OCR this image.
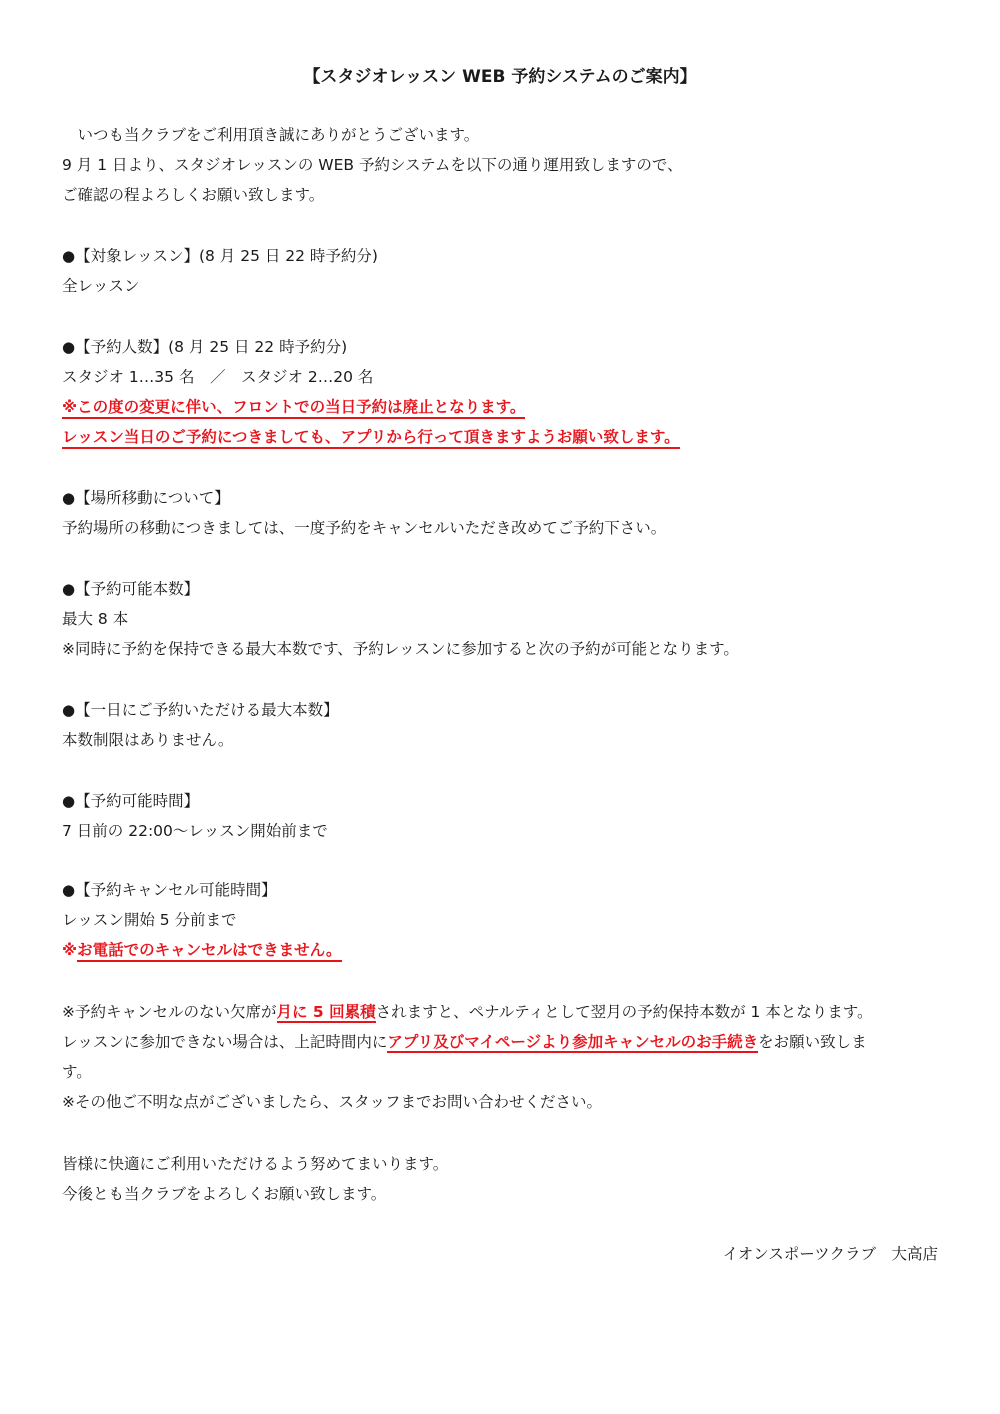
【スタジオレッスン WEB 予約システムのご案内】
　いつも当クラブをご利用頂き誠にありがとうございます。
9 月 1 日より、スタジオレッスンの WEB 予約システムを以下の通り運用致しますので、
ご確認の程よろしくお願い致します。
●【対象レッスン】(8 月 25 日 22 時予約分)
全レッスン
●【予約人数】(8 月 25 日 22 時予約分)
スタジオ 1…35 名　／　スタジオ 2…20 名
※この度の変更に伴い、フロントでの当日予約は廃止となります。
レッスン当日のご予約につきましても、アプリから行って頂きますようお願い致します。
●【場所移動について】
予約場所の移動につきましては、一度予約をキャンセルいただき改めてご予約下さい。
●【予約可能本数】
最大 8 本
※同時に予約を保持できる最大本数です、予約レッスンに参加すると次の予約が可能となります。
●【一日にご予約いただける最大本数】
本数制限はありません。
●【予約可能時間】
7 日前の 22:00～レッスン開始前まで
●【予約キャンセル可能時間】
レッスン開始 5 分前まで
※お電話でのキャンセルはできません。
※予約キャンセルのない欠席が月に 5 回累積されますと、ペナルティとして翌月の予約保持本数が 1 本となります。
レッスンに参加できない場合は、上記時間内にアプリ及びマイページより参加キャンセルのお手続きをお願い致しま
す。
※その他ご不明な点がございましたら、スタッフまでお問い合わせください。
皆様に快適にご利用いただけるよう努めてまいります。
今後とも当クラブをよろしくお願い致します。
イオンスポーツクラブ　大高店
